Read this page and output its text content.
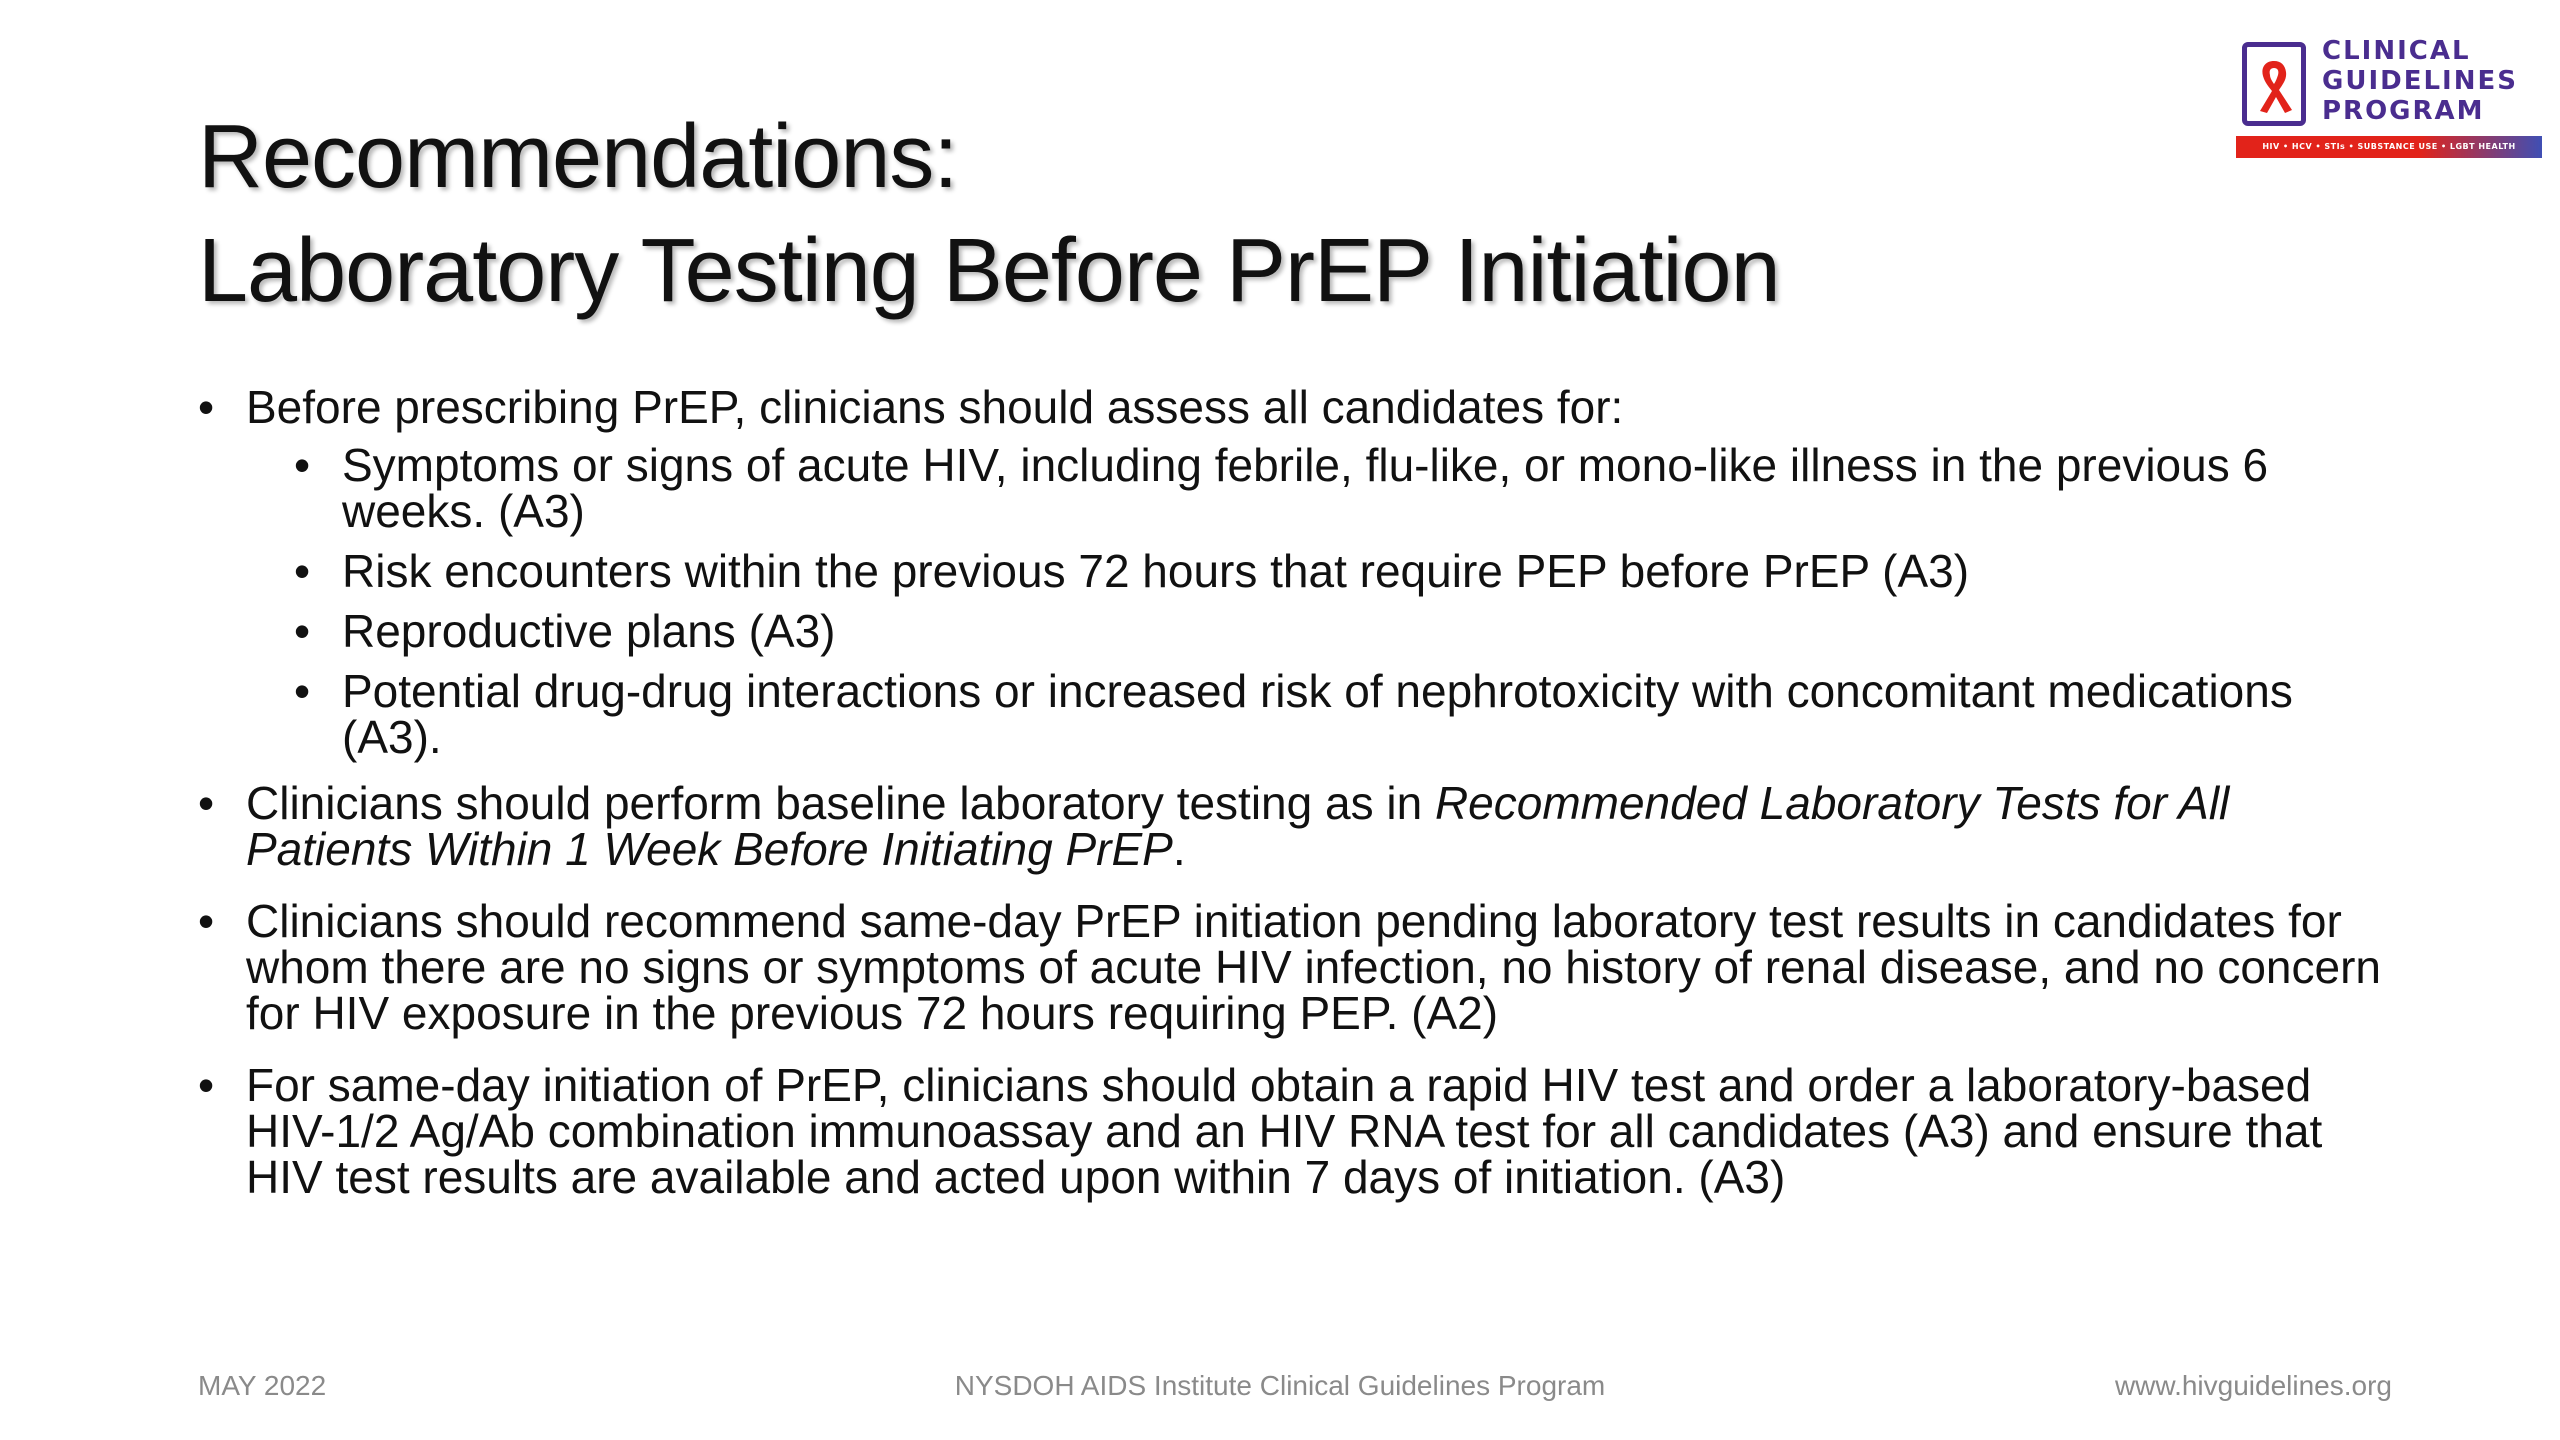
Recommendations:
Laboratory Testing Before PrEP Initiation
CLINICAL
GUIDELINES
PROGRAM
HIV • HCV • STIs • SUBSTANCE USE • LGBT HEALTH
• Before prescribing PrEP, clinicians should assess all candidates for:
• Symptoms or signs of acute HIV, including febrile, flu-like, or mono-like illness in the previous 6 weeks. (A3)
• Risk encounters within the previous 72 hours that require PEP before PrEP (A3)
• Reproductive plans (A3)
• Potential drug-drug interactions or increased risk of nephrotoxicity with concomitant medications (A3).
• Clinicians should perform baseline laboratory testing as in Recommended Laboratory Tests for All Patients Within 1 Week Before Initiating PrEP.
• Clinicians should recommend same-day PrEP initiation pending laboratory test results in candidates for whom there are no signs or symptoms of acute HIV infection, no history of renal disease, and no concern for HIV exposure in the previous 72 hours requiring PEP. (A2)
• For same-day initiation of PrEP, clinicians should obtain a rapid HIV test and order a laboratory-based HIV-1/2 Ag/Ab combination immunoassay and an HIV RNA test for all candidates (A3) and ensure that HIV test results are available and acted upon within 7 days of initiation. (A3)
MAY 2022	NYSDOH AIDS Institute Clinical Guidelines Program	www.hivguidelines.org
